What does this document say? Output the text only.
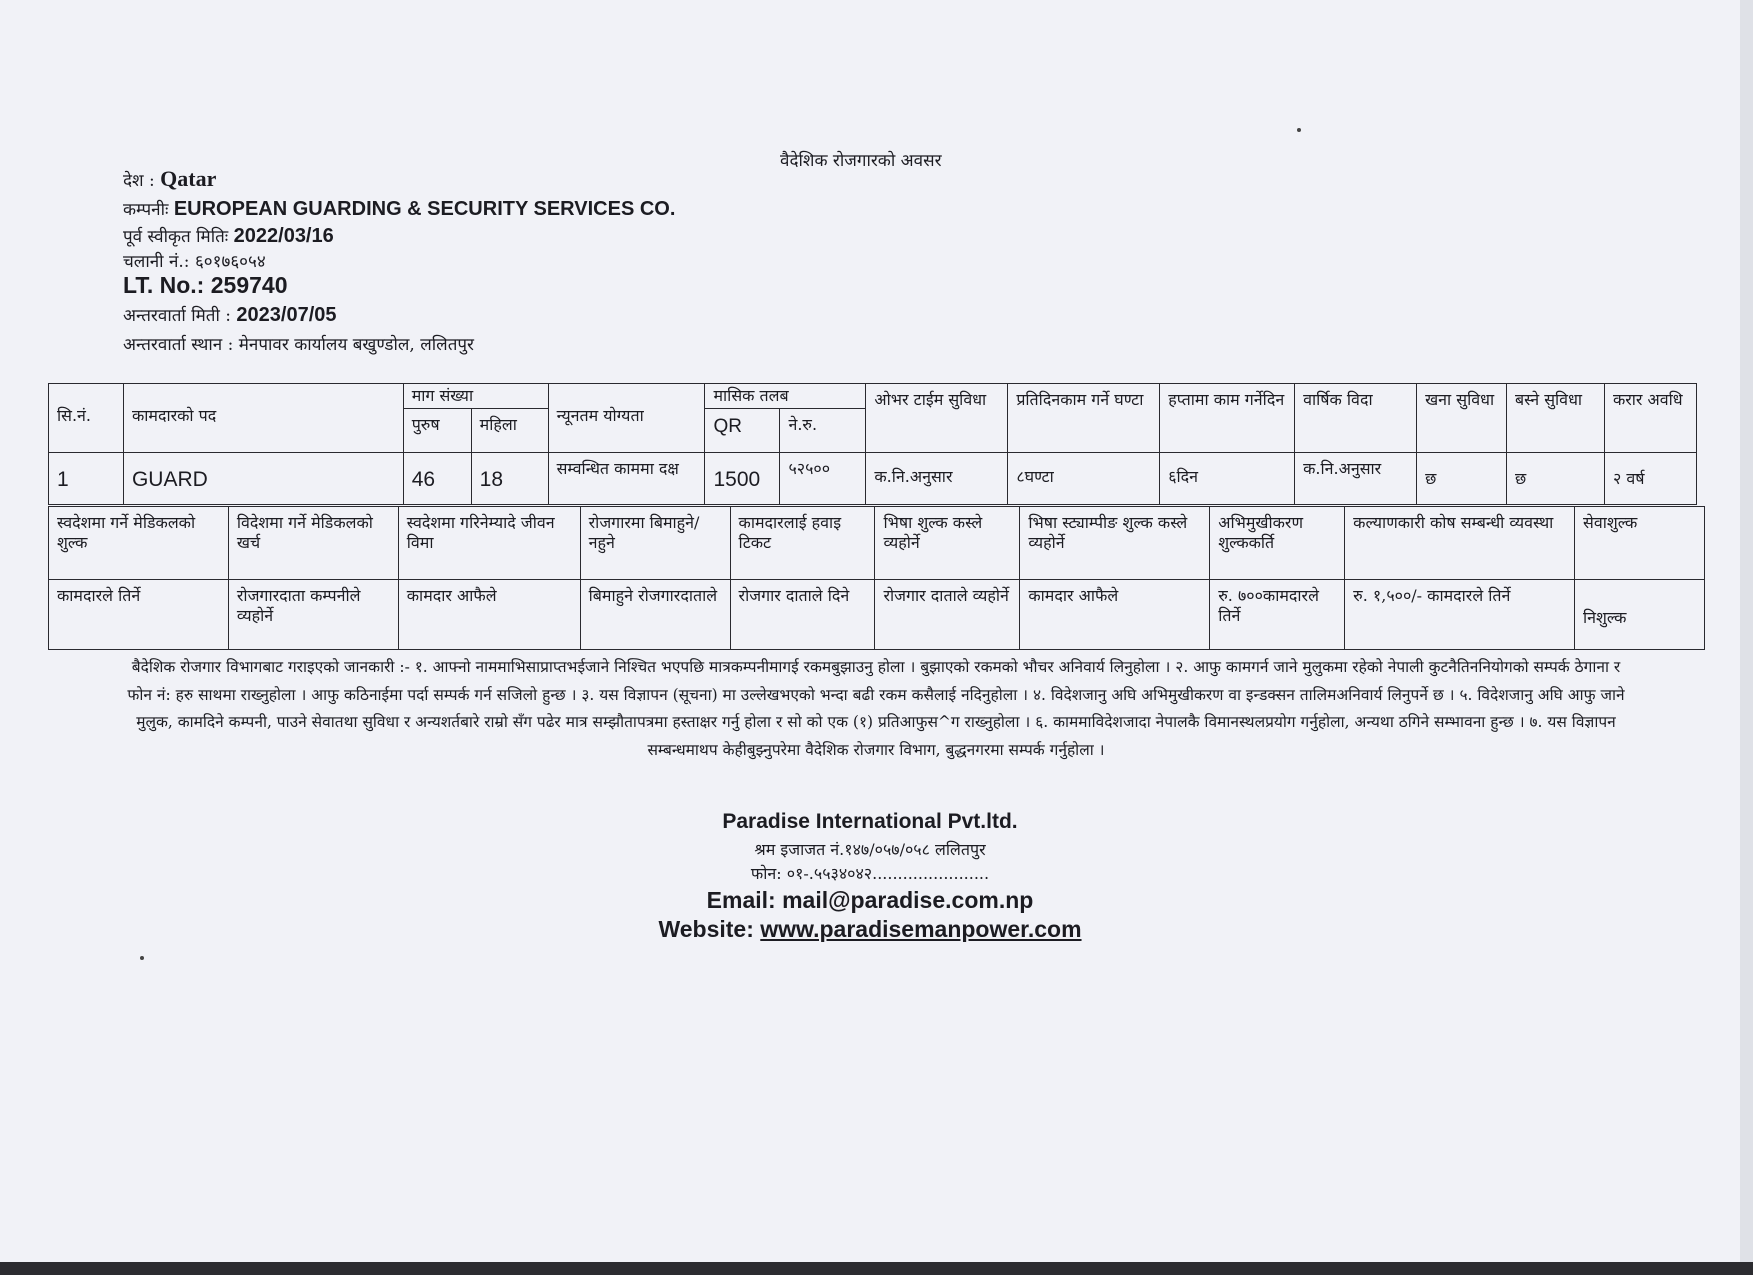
वैदेशिक रोजगारको अवसर
देश : Qatar
कम्पनीः EUROPEAN GUARDING & SECURITY SERVICES CO.
पूर्व स्वीकृत मितिः 2022/03/16
चलानी नं.: ६०१७६०५४
LT. No.: 259740
अन्तरवार्ता मिती : 2023/07/05
अन्तरवार्ता स्थान : मेनपावर कार्यालय बखुण्डोल, ललितपुर
सि.नं.	कामदारको पद	माग संख्या		न्यूनतम योग्यता	मासिक तलब		ओभर टाईम सुविधा	प्रतिदिनकाम गर्ने घण्टा	हप्तामा काम गर्नेदिन	वार्षिक विदा	खना सुविधा	बस्ने सुविधा	करार अवधि
		पुरुष	महिला		QR	ने.रु.							
1	GUARD	46	18	सम्वन्धित काममा दक्ष	1500	५२५००	क.नि.अनुसार	८घण्टा	६दिन	क.नि.अनुसार	छ	छ	२ वर्ष
स्वदेशमा गर्ने मेडिकलको शुल्क	विदेशमा गर्ने मेडिकलको खर्च	स्वदेशमा गरिनेम्यादे जीवन विमा	रोजगारमा बिमाहुने/नहुने	कामदारलाई हवाइ टिकट	भिषा शुल्क कस्ले व्यहोर्ने	भिषा स्ट्याम्पीङ शुल्क कस्ले व्यहोर्ने	अभिमुखीकरण शुल्ककर्ति	कल्याणकारी कोष सम्बन्धी व्यवस्था	सेवाशुल्क
कामदारले तिर्ने	रोजगारदाता कम्पनीले व्यहोर्ने	कामदार आफैले	बिमाहुने रोजगारदाताले	रोजगार दाताले दिने	रोजगार दाताले व्यहोर्ने	कामदार आफैले	रु. ७००कामदारले तिर्ने	रु. १,५००/- कामदारले तिर्ने	निशुल्क
बैदेशिक रोजगार विभागबाट गराइएको जानकारी :- १. आफ्नो नाममाभिसाप्राप्तभईजाने निश्चित भएपछि मात्रकम्पनीमागई रकमबुझाउनु होला । बुझाएको रकमको भौचर अनिवार्य लिनुहोला । २. आफु कामगर्न जाने मुलुकमा रहेको नेपाली कुटनैतिननियोगको सम्पर्क ठेगाना र फोन नं: हरु साथमा राख्नुहोला । आफु कठिनाईमा पर्दा सम्पर्क गर्न सजिलो हुन्छ । ३. यस विज्ञापन (सूचना) मा उल्लेखभएको भन्दा बढी रकम कसैलाई नदिनुहोला । ४. विदेशजानु अघि अभिमुखीकरण वा इन्डक्सन तालिमअनिवार्य लिनुपर्ने छ । ५. विदेशजानु अघि आफु जाने मुलुक, कामदिने कम्पनी, पाउने सेवातथा सुविधा र अन्यशर्तबारे राम्रो सँग पढेर मात्र सम्झौतापत्रमा हस्ताक्षर गर्नु होला र सो को एक (१) प्रतिआफुस^ग राख्नुहोला । ६. काममाविदेशजादा नेपालकै विमानस्थलप्रयोग गर्नुहोला, अन्यथा ठगिने सम्भावना हुन्छ । ७. यस विज्ञापन सम्बन्धमाथप केहीबुझ्नुपरेमा वैदेशिक रोजगार विभाग, बुद्धनगरमा सम्पर्क गर्नुहोला ।
Paradise International Pvt.ltd.
श्रम इजाजत नं.१४७/०५७/०५८ ललितपुर
फोन: ०१-.५५३४०४२.......................
Email: mail@paradise.com.np
Website: www.paradisemanpower.com
